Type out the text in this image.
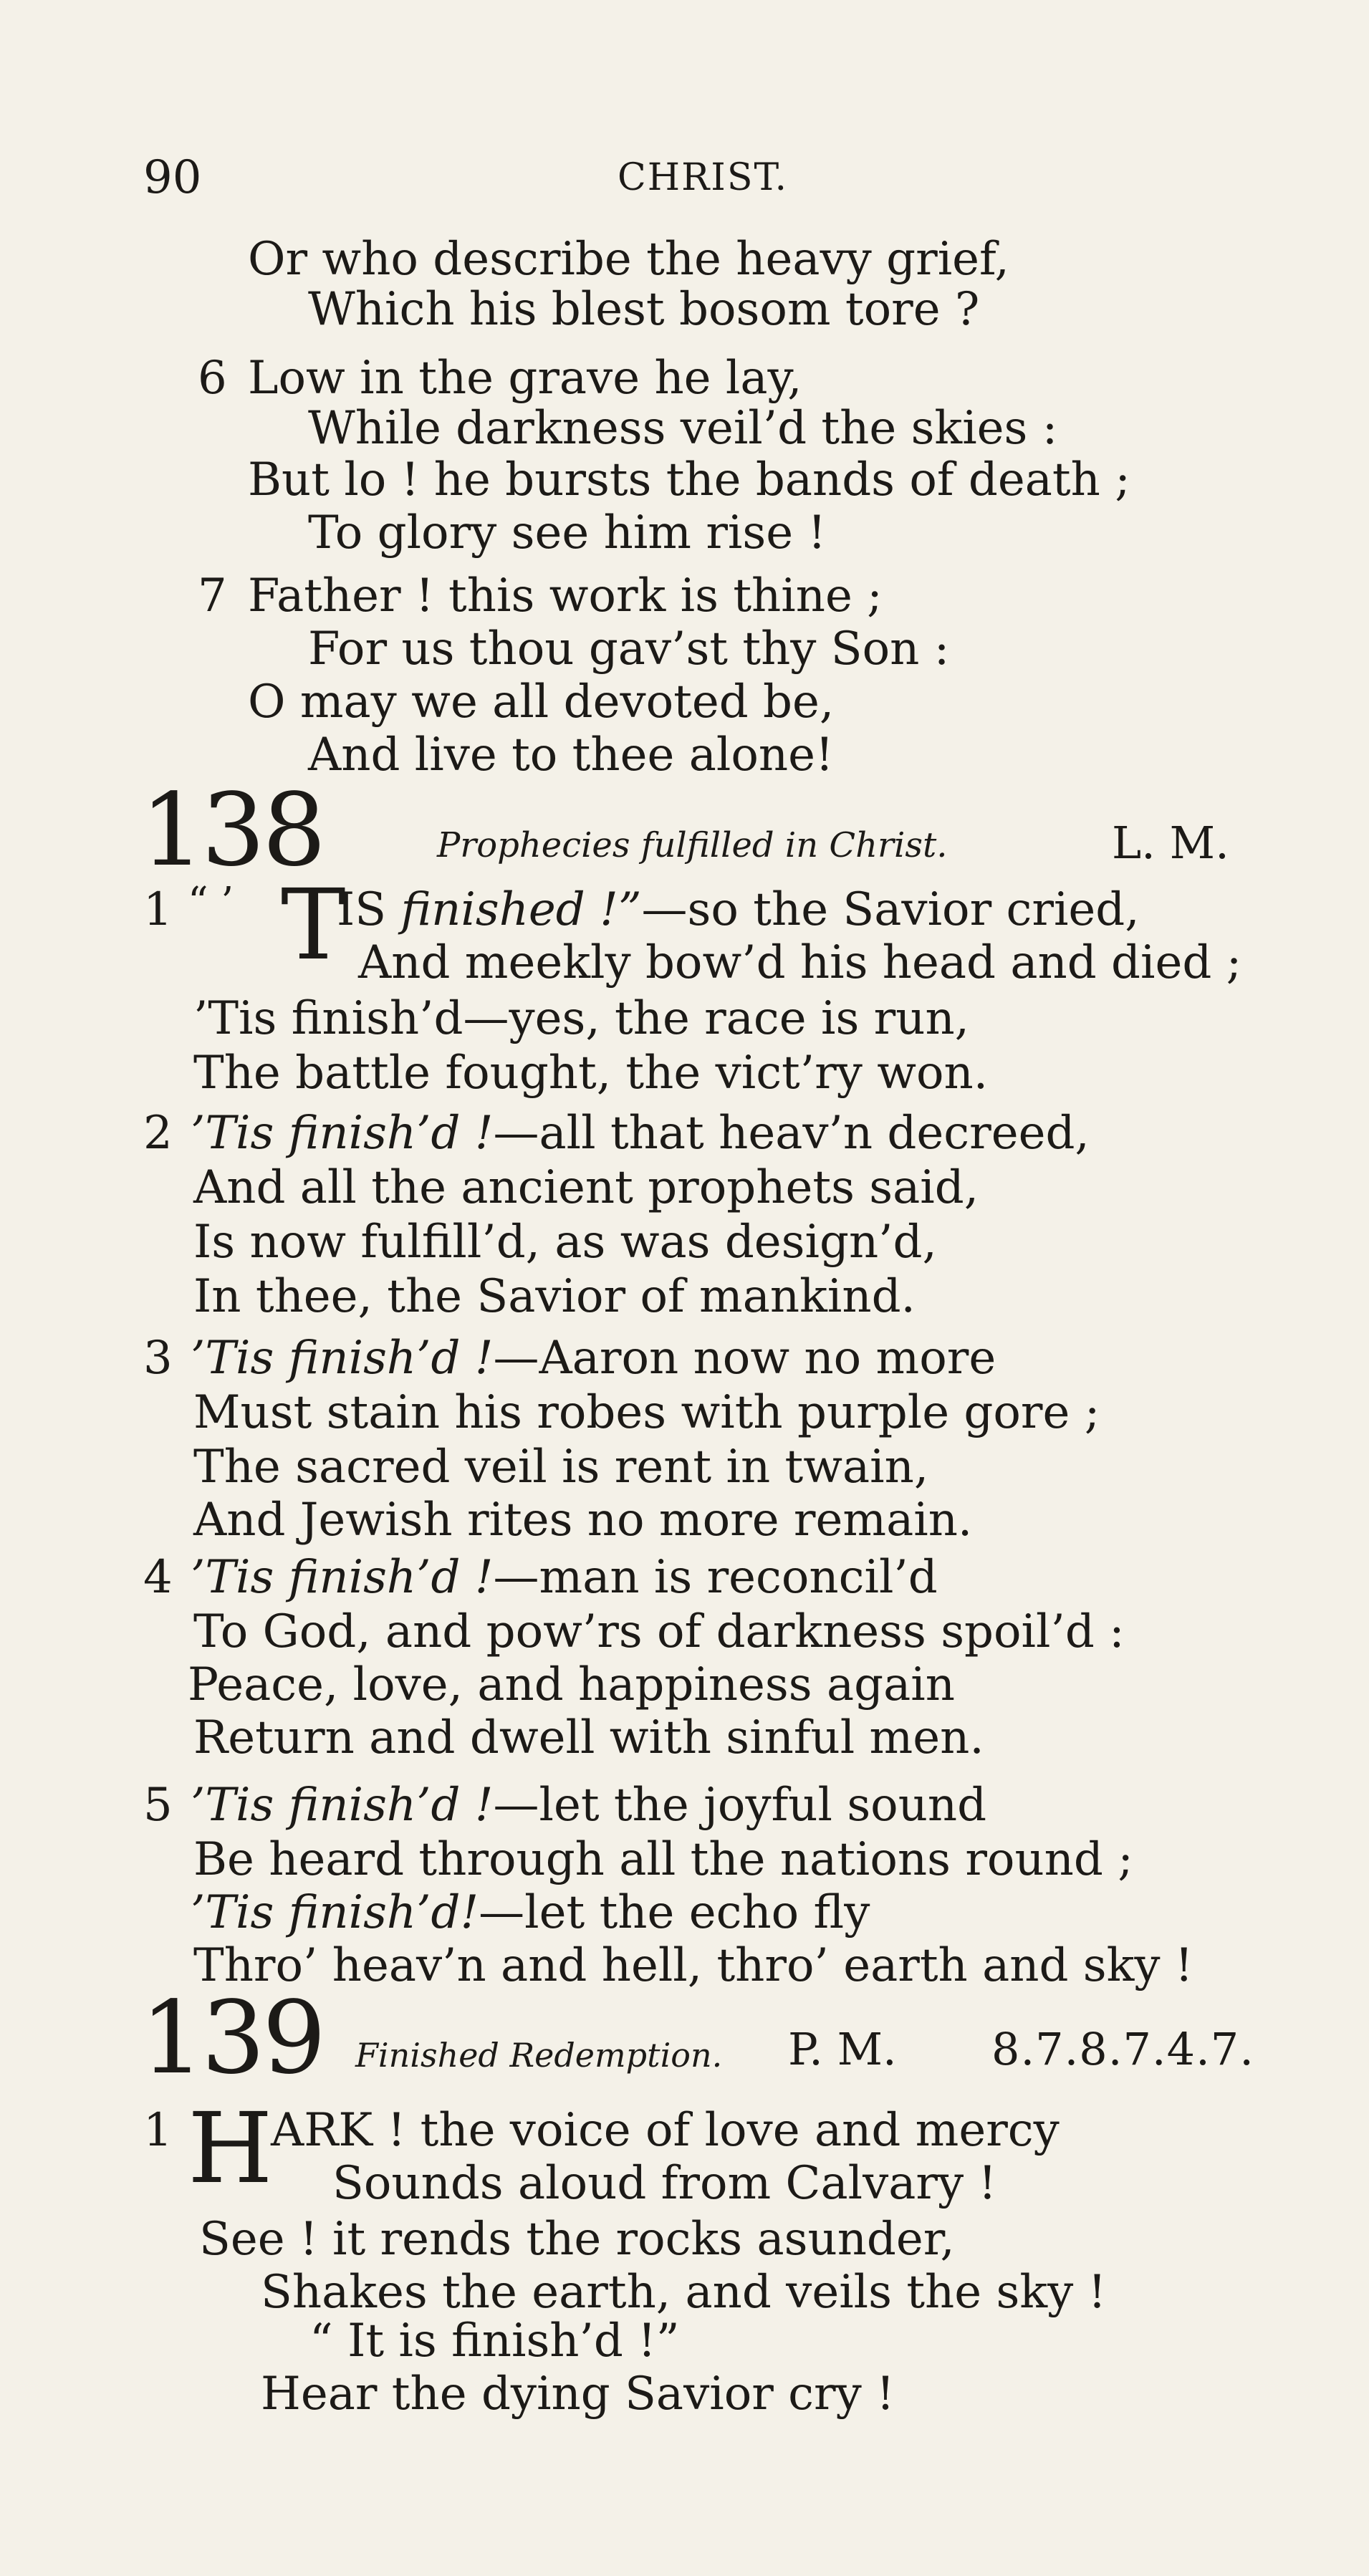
90	CHRIST.
Or who describe the heavy grief,
Which his blest bosom tore ?
6 Low in the grave he lay,
While darkness veil’d the skies :
But lo ! he bursts the bands of death ;
To glory see him rise !
7 Father ! this work is thine ;
For us thou gav’st thy Son :
O may we all devoted be,
And live to thee alone!
138	Prophecies fulfilled in Christ.	L. M.
1 “ ’ T
IS finished !”—so the Savior cried,
And meekly bow’d his head and died ;
’Tis finish’d—yes, the race is run,
The battle fought, the vict’ry won.
2 ’Tis finish’d !—all that heav’n decreed,
And all the ancient prophets said,
Is now fulfill’d, as was design’d,
In thee, the Savior of mankind.
3 ’Tis finish’d !—Aaron now no more
Must stain his robes with purple gore ;
The sacred veil is rent in twain,
And Jewish rites no more remain.
4 ’Tis finish’d !—man is reconcil’d
To God, and pow’rs of darkness spoil’d :
Peace, love, and happiness again
Return and dwell with sinful men.
5 ’Tis finish’d !—let the joyful sound
Be heard through all the nations round ;
’Tis finish’d!—let the echo fly
Thro’ heav’n and hell, thro’ earth and sky !
139 Finished Redemption. P. M. 8.7.8.7.4.7.
1 H
ARK ! the voice of love and mercy
Sounds aloud from Calvary !
See ! it rends the rocks asunder,
Shakes the earth, and veils the sky !
“ It is finish’d !”
Hear the dying Savior cry !
